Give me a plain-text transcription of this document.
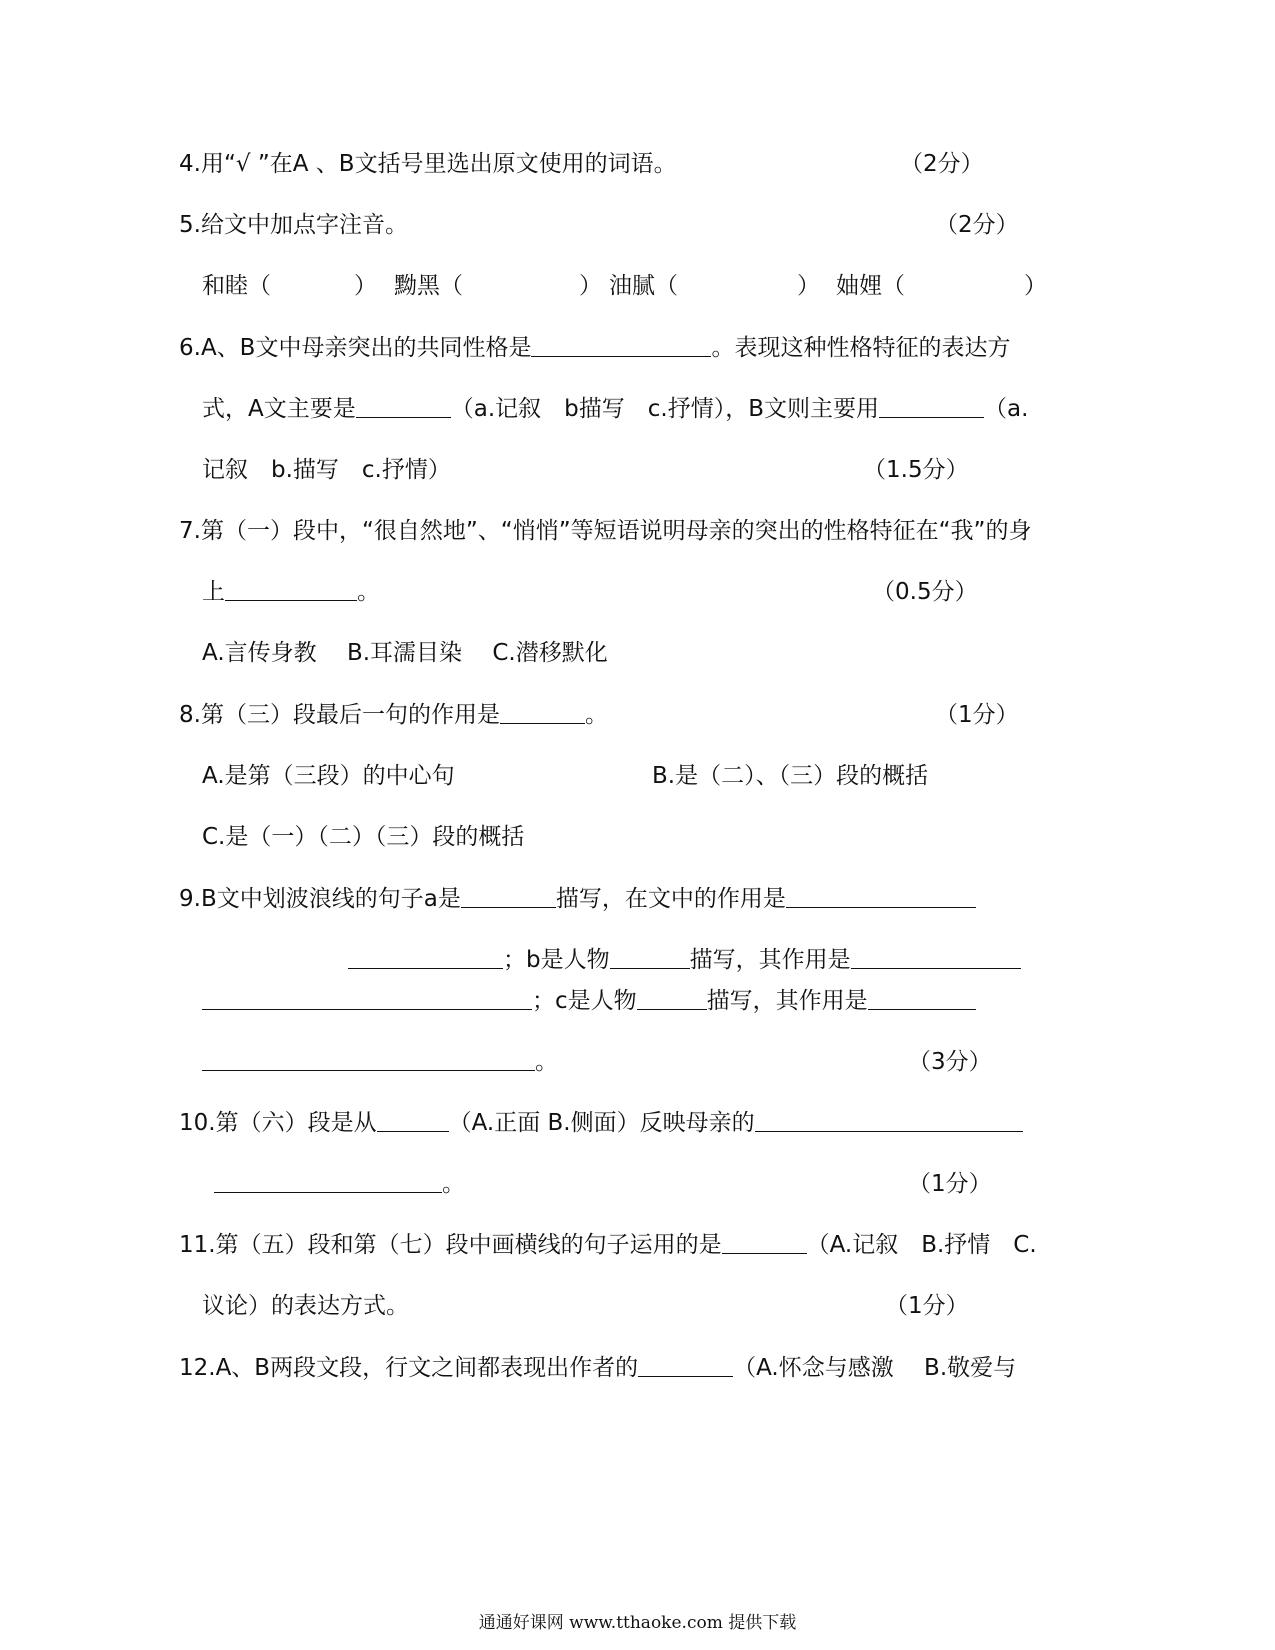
4.用“√ ”在A 、B文括号里选出原文使用的词语。	（2分）
5.给文中加点字注音。	（2分）
和睦（	） 黝黑（	） 油腻（	） 妯娌（	）
6.A、B文中母亲突出的共同性格是	。表现这种性格特征的表达方
式，A文主要是	（a.记叙　b描写　c.抒情），B文则主要用	（a.
记叙　b.描写　c.抒情）	（1.5分）
7.第（一）段中，“很自然地”、“悄悄”等短语说明母亲的突出的性格特征在“我”的身
上	。	（0.5分）
A.言传身教　 B.耳濡目染　 C.潜移默化
8.第（三）段最后一句的作用是	。	（1分）
A.是第（三段）的中心句	B.是（二）、（三）段的概括
C.是（一）（二）（三）段的概括
9.B文中划波浪线的句子a是	描写，在文中的作用是
；b是人物	描写，其作用是
；c是人物	描写，其作用是
。	（3分）
10.第（六）段是从	（A.正面 B.侧面）反映母亲的
。	（1分）
11.第（五）段和第（七）段中画横线的句子运用的是	（A.记叙　B.抒情　C.
议论）的表达方式。	（1分）
12.A、B两段文段，行文之间都表现出作者的	（A.怀念与感激　 B.敬爱与
通通好课网 www.tthaoke.com 提供下载
